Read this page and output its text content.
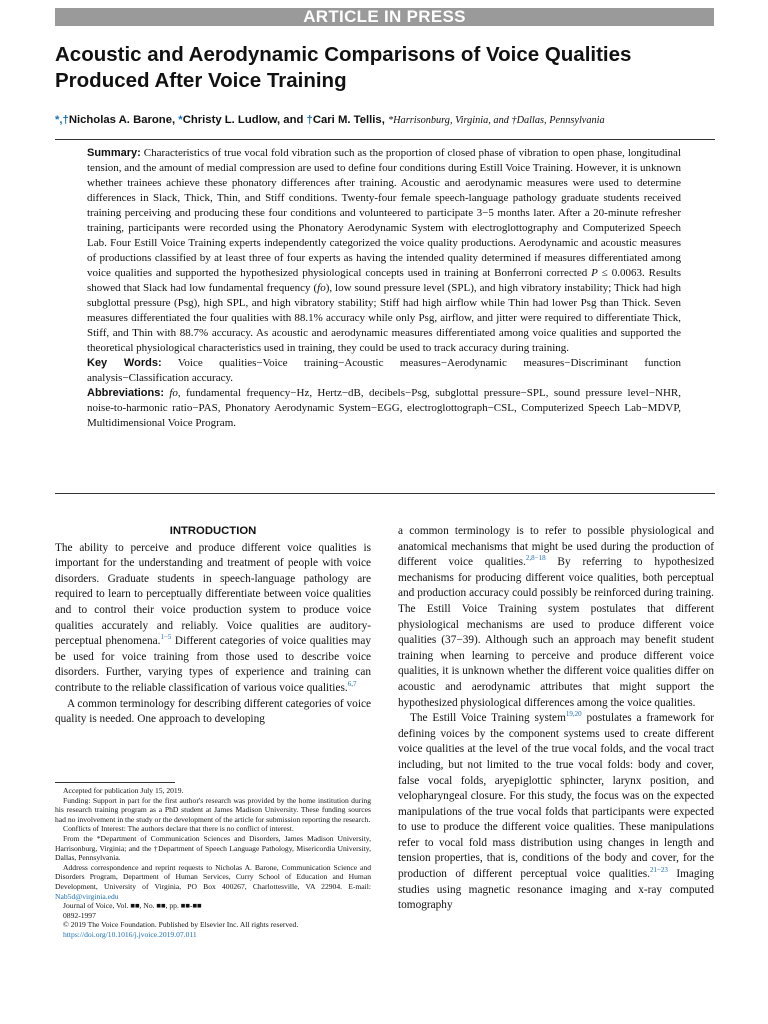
ARTICLE IN PRESS
Acoustic and Aerodynamic Comparisons of Voice Qualities
Produced After Voice Training
*,†Nicholas A. Barone, *Christy L. Ludlow, and †Cari M. Tellis, *Harrisonburg, Virginia, and †Dallas, Pennsylvania

Summary: Characteristics of true vocal fold vibration such as the proportion of closed phase of vibration to open phase, longitudinal tension, and the amount of medial compression are used to define four conditions during Estill Voice Training. However, it is unknown whether trainees achieve these phonatory differences after training. Acoustic and aerodynamic measures were used to determine differences in Slack, Thick, Thin, and Stiff conditions. Twenty-four female speech-language pathology graduate students received training perceiving and producing these four conditions and volunteered to participate 3−5 months later. After a 20-minute refresher training, participants were recorded using the Phonatory Aerodynamic System with electroglottography and Computerized Speech Lab. Four Estill Voice Training experts independently categorized the voice quality productions. Aerodynamic and acoustic measures of productions classified by at least three of four experts as having the intended quality determined if measures differentiated among voice qualities and supported the hypothesized physiological concepts used in training at Bonferroni corrected P ≤ 0.0063. Results showed that Slack had low fundamental frequency (fo), low sound pressure level (SPL), and high vibratory instability; Thick had high subglottal pressure (Psg), high SPL, and high vibratory stability; Stiff had high airflow while Thin had lower Psg than Thick. Seven measures differentiated the four qualities with 88.1% accuracy while only Psg, airflow, and jitter were required to differentiate Thick, Stiff, and Thin with 88.7% accuracy. As acoustic and aerodynamic measures differentiated among voice qualities and supported the theoretical physiological characteristics used in training, they could be used to track accuracy during training.

Key Words: Voice qualities−Voice training−Acoustic measures−Aerodynamic measures−Discriminant function analysis−Classification accuracy.

Abbreviations: fo, fundamental frequency−Hz, Hertz−dB, decibels−Psg, subglottal pressure−SPL, sound pressure level−NHR, noise-to-harmonic ratio−PAS, Phonatory Aerodynamic System−EGG, electroglottograph−CSL, Computerized Speech Lab−MDVP, Multidimensional Voice Program.

INTRODUCTION

The ability to perceive and produce different voice qualities is important for the understanding and treatment of people with voice disorders. Graduate students in speech-language pathology are required to learn to perceptually differentiate between voice qualities and to control their voice production system to produce voice qualities accurately and reliably. Voice qualities are auditory-perceptual phenomena.$^{1-5}$ Different categories of voice qualities may be used for voice training from those used to describe voice disorders. Further, varying types of experience and training can contribute to the reliable classification of various voice qualities.$^{6,7}$

A common terminology for describing different categories of voice quality is needed. One approach to developing

a common terminology is to refer to possible physiological and anatomical mechanisms that might be used during the production of different voice qualities.$^{2,8-18}$ By referring to hypothesized mechanisms for producing different voice qualities, both perceptual and production accuracy could possibly be reinforced during training. The Estill Voice Training system postulates that different physiological mechanisms are used to produce different voice qualities (37−39). Although such an approach may benefit student training when learning to perceive and produce different voice qualities, it is unknown whether the different voice qualities differ on acoustic and aerodynamic attributes that might support the hypothesized physiological differences among the voice qualities.

The Estill Voice Training system$^{19,20}$ postulates a framework for defining voices by the component systems used to create different voice qualities at the level of the true vocal folds, and the vocal tract including, but not limited to the true vocal folds: body and cover, false vocal folds, aryepiglottic sphincter, larynx position, and velopharyngeal closure. For this study, the focus was on the expected manipulations of the true vocal folds that participants were expected to use to produce the different voice qualities. These manipulations refer to vocal fold mass distribution using changes in length and tension properties, that is, conditions of the body and cover, for the production of different perceptual voice qualities.$^{21-23}$ Imaging studies using magnetic resonance imaging and x-ray computed tomography

Accepted for publication July 15, 2019.

Funding: Support in part for the first author's research was provided by the home institution during his research training program as a PhD student at James Madison University. These funding sources had no involvement in the study or the development of the article for submission reporting the research.

Conflicts of Interest: The authors declare that there is no conflict of interest.

From the *Department of Communication Sciences and Disorders, James Madison University, Harrisonburg, Virginia; and the †Department of Speech Language Pathology, Misericordia University, Dallas, Pennsylvania.

Address correspondence and reprint requests to Nicholas A. Barone, Communication Science and Disorders Program, Department of Human Services, Curry School of Education and Human Development, University of Virginia, PO Box 400267, Charlottesville, VA 22904. E-mail: Nab5d@virginia.edu

Journal of Voice, Vol. ■■, No. ■■, pp. ■■-■■

0892-1997

© 2019 The Voice Foundation. Published by Elsevier Inc. All rights reserved.

https://doi.org/10.1016/j.jvoice.2019.07.011
